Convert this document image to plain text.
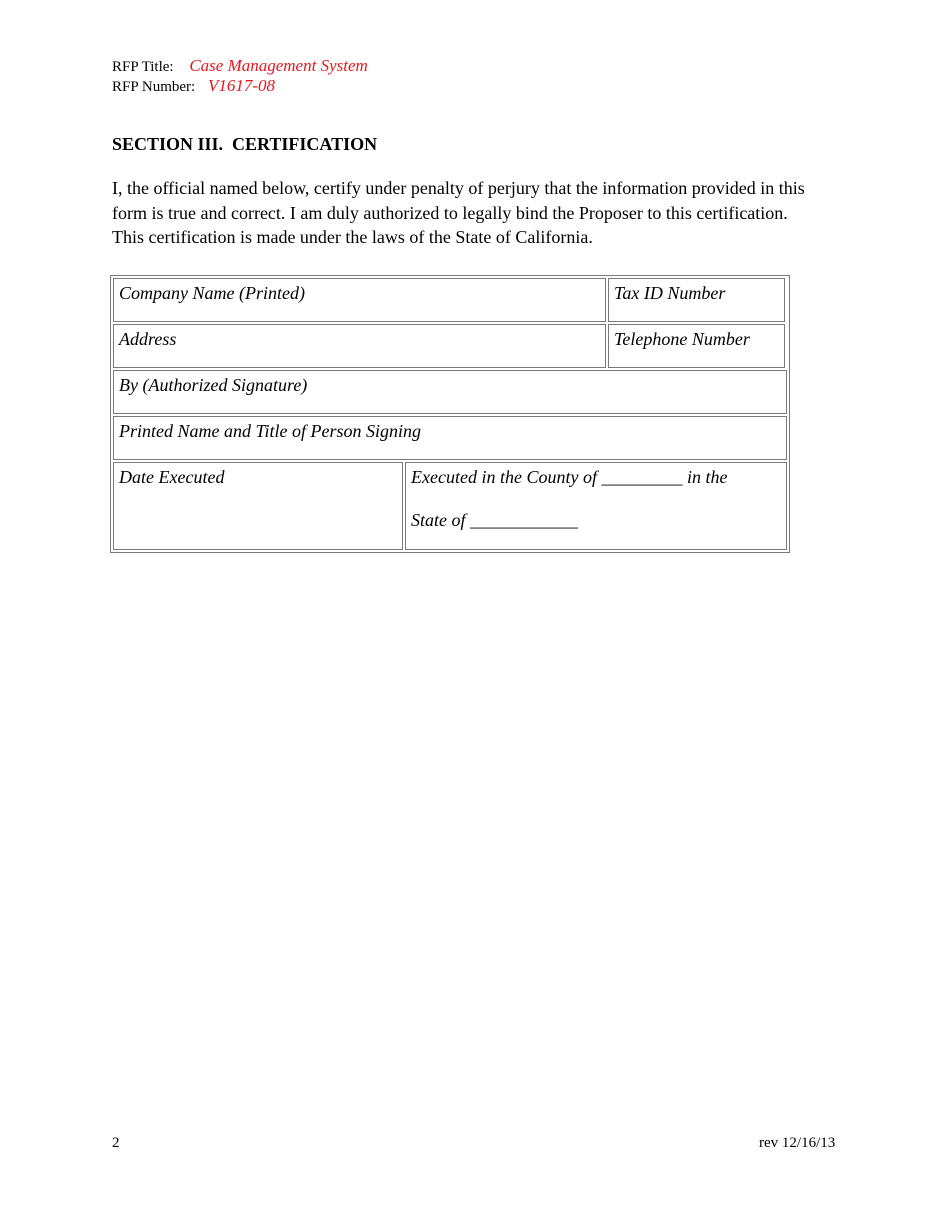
RFP Title: Case Management System
RFP Number: V1617-08
SECTION III.  CERTIFICATION
I, the official named below, certify under penalty of perjury that the information provided in this
form is true and correct. I am duly authorized to legally bind the Proposer to this certification.
This certification is made under the laws of the State of California.
Company Name (Printed)	Tax ID Number
Address	Telephone Number
By (Authorized Signature)
Printed Name and Title of Person Signing
Date Executed	Executed in the County of _________ in the
State of ____________
2	rev 12/16/13
